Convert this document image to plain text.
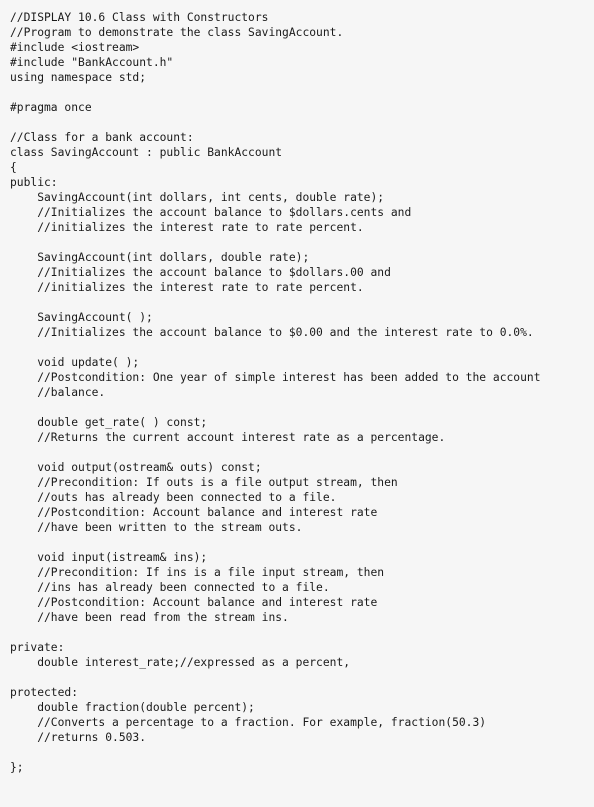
//DISPLAY 10.6 Class with Constructors
//Program to demonstrate the class SavingAccount.
#include <iostream>
#include "BankAccount.h"
using namespace std;
#pragma once
//Class for a bank account:
class SavingAccount : public BankAccount
{
public:
SavingAccount(int dollars, int cents, double rate);
//Initializes the account balance to $dollars.cents and
//initializes the interest rate to rate percent.
SavingAccount(int dollars, double rate);
//Initializes the account balance to $dollars.00 and
//initializes the interest rate to rate percent.
SavingAccount( );
//Initializes the account balance to $0.00 and the interest rate to 0.0%.
void update( );
//Postcondition: One year of simple interest has been added to the account
//balance.
double get_rate( ) const;
//Returns the current account interest rate as a percentage.
void output(ostream& outs) const;
//Precondition: If outs is a file output stream, then
//outs has already been connected to a file.
//Postcondition: Account balance and interest rate
//have been written to the stream outs.
void input(istream& ins);
//Precondition: If ins is a file input stream, then
//ins has already been connected to a file.
//Postcondition: Account balance and interest rate
//have been read from the stream ins.
private:
double interest_rate;//expressed as a percent,
protected:
double fraction(double percent);
//Converts a percentage to a fraction. For example, fraction(50.3)
//returns 0.503.
};
